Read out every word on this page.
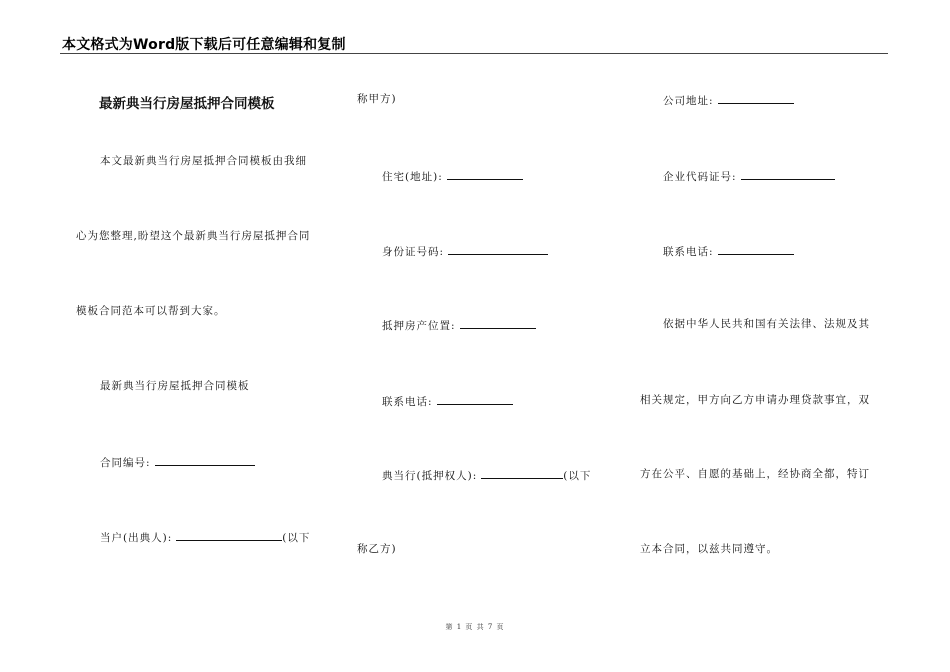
本文格式为Word版下载后可任意编辑和复制
最新典当行房屋抵押合同模板
本文最新典当行房屋抵押合同模板由我细
心为您整理,盼望这个最新典当行房屋抵押合同
模板合同范本可以帮到大家。
最新典当行房屋抵押合同模板
合同编号:
当户(出典人):	(以下
称甲方)
住宅(地址):
身份证号码:
抵押房产位置:
联系电话:
典当行(抵押权人):	(以下
称乙方)
公司地址:
企业代码证号:
联系电话:
依据中华人民共和国有关法律、法规及其
相关规定，甲方向乙方申请办理贷款事宜，双
方在公平、自愿的基础上，经协商全都，特订
立本合同，以兹共同遵守。
第 1 页 共 7 页
